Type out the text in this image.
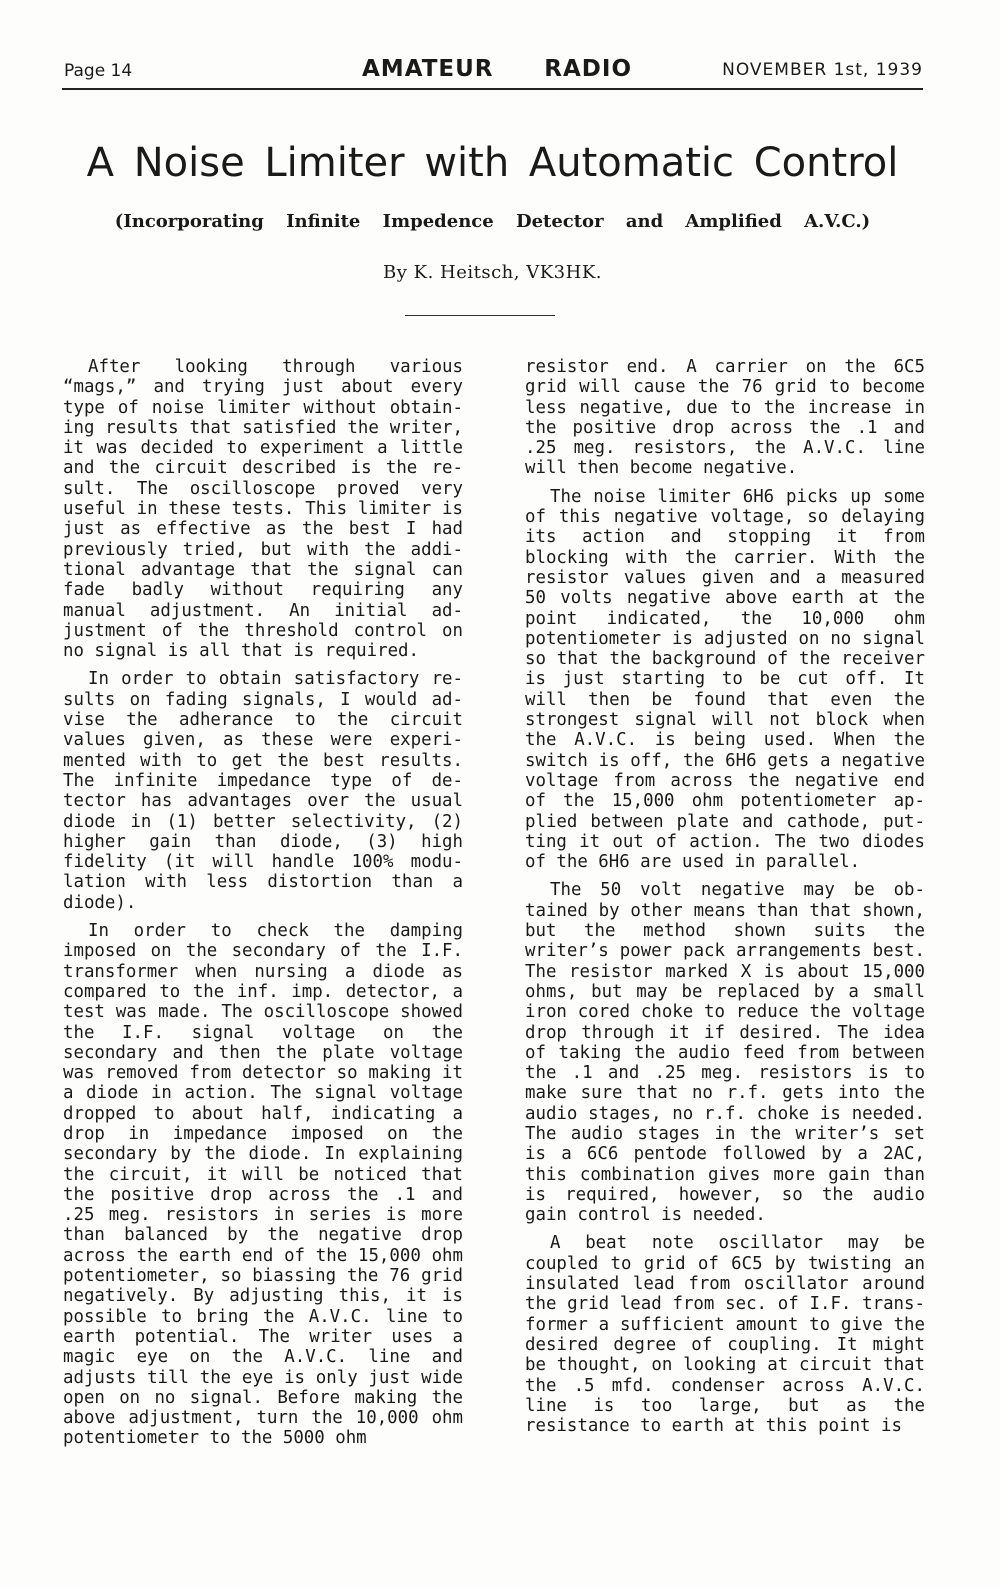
Page 14	AMATEUR RADIO	NOVEMBER 1st, 1939
A Noise Limiter with Automatic Control
(Incorporating Infinite Impedence Detector and Amplified A.V.C.)
By K. Heitsch, VK3HK.

After looking through various “mags,” and trying just about every type of noise limiter without obtaining results that satisfied the writer, it was decided to experiment a little and the circuit described is the result. The oscilloscope proved very useful in these tests. This limiter is just as effective as the best I had previously tried, but with the additional advantage that the signal can fade badly without requiring any manual adjustment. An initial adjustment of the threshold control on no signal is all that is required.

In order to obtain satisfactory results on fading signals, I would advise the adherance to the circuit values given, as these were experimented with to get the best results. The infinite impedance type of detector has advantages over the usual diode in (1) better selectivity, (2) higher gain than diode, (3) high fidelity (it will handle 100% modulation with less distortion than a diode).

In order to check the damping imposed on the secondary of the I.F. transformer when nursing a diode as compared to the inf. imp. detector, a test was made. The oscilloscope showed the I.F. signal voltage on the secondary and then the plate voltage was removed from detector so making it a diode in action. The signal voltage dropped to about half, indicating a drop in impedance imposed on the secondary by the diode. In explaining the circuit, it will be noticed that the positive drop across the .1 and .25 meg. resistors in series is more than balanced by the negative drop across the earth end of the 15,000 ohm potentiometer, so biassing the 76 grid negatively. By adjusting this, it is possible to bring the A.V.C. line to earth potential. The writer uses a magic eye on the A.V.C. line and adjusts till the eye is only just wide open on no signal. Before making the above adjustment, turn the 10,000 ohm potentiometer to the 5000 ohm

resistor end. A carrier on the 6C5 grid will cause the 76 grid to become less negative, due to the increase in the positive drop across the .1 and .25 meg. resistors, the A.V.C. line will then become negative.

The noise limiter 6H6 picks up some of this negative voltage, so delaying its action and stopping it from blocking with the carrier. With the resistor values given and a measured 50 volts negative above earth at the point indicated, the 10,000 ohm potentiometer is adjusted on no signal so that the background of the receiver is just starting to be cut off. It will then be found that even the strongest signal will not block when the A.V.C. is being used. When the switch is off, the 6H6 gets a negative voltage from across the negative end of the 15,000 ohm potentiometer applied between plate and cathode, putting it out of action. The two diodes of the 6H6 are used in parallel.

The 50 volt negative may be obtained by other means than that shown, but the method shown suits the writer’s power pack arrangements best. The resistor marked X is about 15,000 ohms, but may be replaced by a small iron cored choke to reduce the voltage drop through it if desired. The idea of taking the audio feed from between the .1 and .25 meg. resistors is to make sure that no r.f. gets into the audio stages, no r.f. choke is needed. The audio stages in the writer’s set is a 6C6 pentode followed by a 2AC, this combination gives more gain than is required, however, so the audio gain control is needed.

A beat note oscillator may be coupled to grid of 6C5 by twisting an insulated lead from oscillator around the grid lead from sec. of I.F. transformer a sufficient amount to give the desired degree of coupling. It might be thought, on looking at circuit that the .5 mfd. condenser across A.V.C. line is too large, but as the resistance to earth at this point is
